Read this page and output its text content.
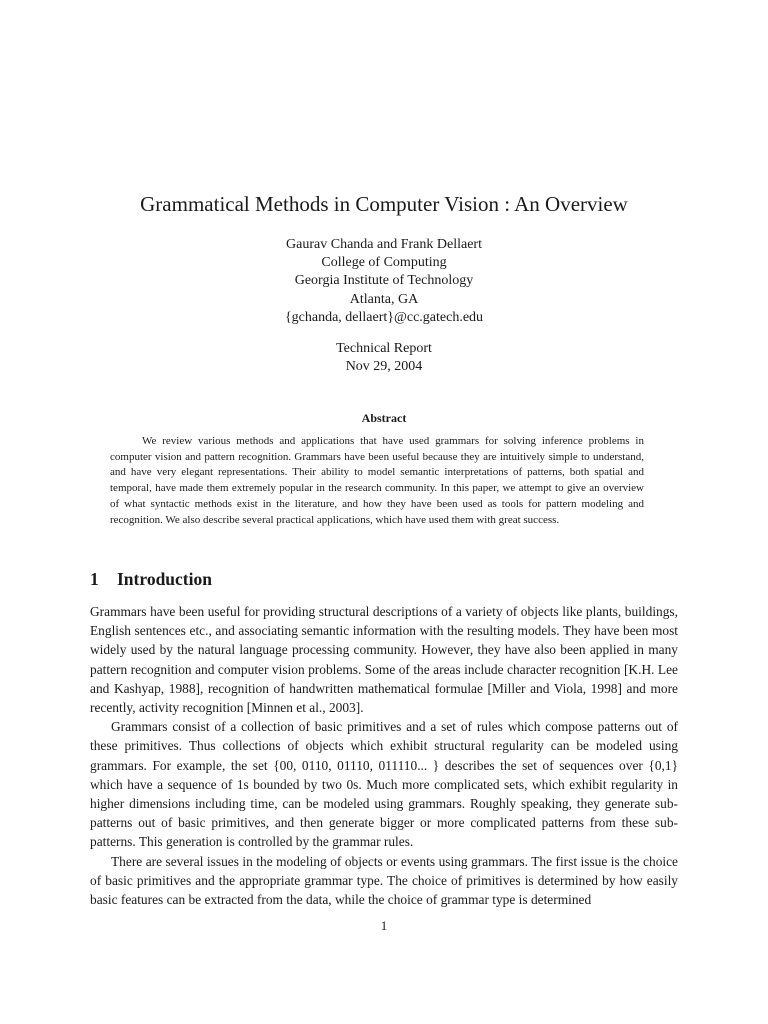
Grammatical Methods in Computer Vision : An Overview
Gaurav Chanda and Frank Dellaert
College of Computing
Georgia Institute of Technology
Atlanta, GA
{gchanda, dellaert}@cc.gatech.edu
Technical Report
Nov 29, 2004
Abstract

We review various methods and applications that have used grammars for solving inference problems in computer vision and pattern recognition. Grammars have been useful because they are intuitively simple to understand, and have very elegant representations. Their ability to model semantic interpretations of patterns, both spatial and temporal, have made them extremely popular in the research community. In this paper, we attempt to give an overview of what syntactic methods exist in the literature, and how they have been used as tools for pattern modeling and recognition. We also describe several practical applications, which have used them with great success.

1 Introduction

Grammars have been useful for providing structural descriptions of a variety of objects like plants, buildings, English sentences etc., and associating semantic information with the resulting models. They have been most widely used by the natural language processing community. However, they have also been applied in many pattern recognition and computer vision problems. Some of the areas include character recognition [K.H. Lee and Kashyap, 1988], recognition of handwritten mathematical formulae [Miller and Viola, 1998] and more recently, activity recognition [Minnen et al., 2003].

Grammars consist of a collection of basic primitives and a set of rules which compose patterns out of these primitives. Thus collections of objects which exhibit structural regularity can be modeled using grammars. For example, the set {00, 0110, 01110, 011110... } describes the set of sequences over {0,1} which have a sequence of 1s bounded by two 0s. Much more complicated sets, which exhibit regularity in higher dimensions including time, can be modeled using grammars. Roughly speaking, they generate sub-patterns out of basic primitives, and then generate bigger or more complicated patterns from these sub-patterns. This generation is controlled by the grammar rules.

There are several issues in the modeling of objects or events using grammars. The first issue is the choice of basic primitives and the appropriate grammar type. The choice of primitives is determined by how easily basic features can be extracted from the data, while the choice of grammar type is determined

1
